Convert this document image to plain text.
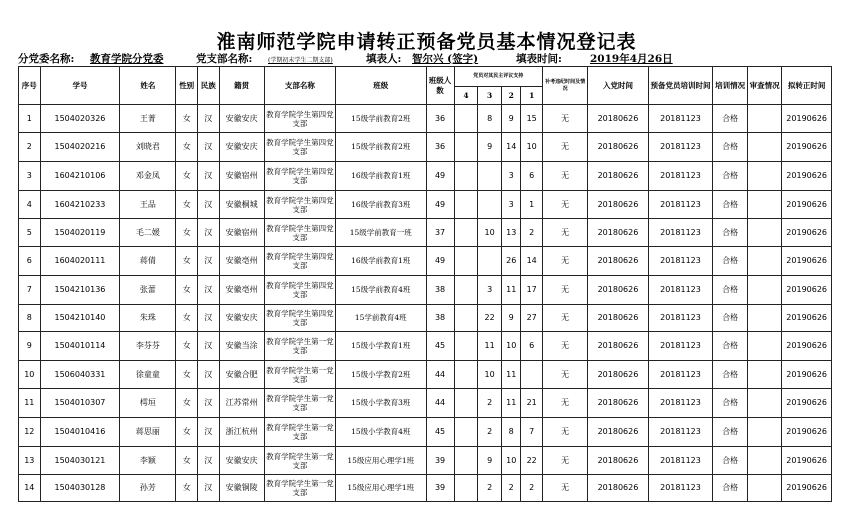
淮南师范学院申请转正预备党员基本情况登记表
分党委名称: 教育学院分党委	党支部名称:	(学期初末学生二期支部)	填表人: 智尔兴 (签字)	填表时间:	2019年4月26日
序号	学号	姓名	性别	民族	籍贯	支部名称	班级	班级人数	党员对其民主评议支持				补考违纪时间及情况	入党时间	预备党员培训时间	培训情况	审查情况	拟转正时间
									4	3	2	1						
1	1504020326	王菁	女	汉	安徽安庆	教育学院学生第四党支部	15级学前教育2班	36		8	9	15	无	20180626	20181123	合格		20190626
2	1504020216	刘晓君	女	汉	安徽安庆	教育学院学生第四党支部	15级学前教育2班	36		9	14	10	无	20180626	20181123	合格		20190626
3	1604210106	邓金凤	女	汉	安徽宿州	教育学院学生第四党支部	16级学前教育1班	49			3	6	无	20180626	20181123	合格		20190626
4	1604210233	王品	女	汉	安徽桐城	教育学院学生第四党支部	16级学前教育3班	49			3	1	无	20180626	20181123	合格		20190626
5	1504020119	毛二媛	女	汉	安徽宿州	教育学院学生第四党支部	15级学前教育一班	37		10	13	2	无	20180626	20181123	合格		20190626
6	1604020111	蒋倩	女	汉	安徽亳州	教育学院学生第四党支部	16级学前教育1班	49			26	14	无	20180626	20181123	合格		20190626
7	1504210136	张蕾	女	汉	安徽亳州	教育学院学生第四党支部	15级学前教育4班	38		3	11	17	无	20180626	20181123	合格		20190626
8	1504210140	朱珠	女	汉	安徽安庆	教育学院学生第四党支部	15学前教育4班	38		22	9	27	无	20180626	20181123	合格		20190626
9	1504010114	李芬芬	女	汉	安徽当涂	教育学院学生第一党支部	15级小学教育1班	45		11	10	6	无	20180626	20181123	合格		20190626
10	1506040331	徐童童	女	汉	安徽合肥	教育学院学生第一党支部	15级小学教育2班	44		10	11		无	20180626	20181123	合格		20190626
11	1504010307	樗垣	女	汉	江苏常州	教育学院学生第一党支部	15级小学教育3班	44		2	11	21	无	20180626	20181123	合格		20190626
12	1504010416	蒋思丽	女	汉	浙江杭州	教育学院学生第一党支部	15级小学教育4班	45		2	8	7	无	20180626	20181123	合格		20190626
13	1504030121	李颖	女	汉	安徽安庆	教育学院学生第一党支部	15级应用心理学1班	39		9	10	22	无	20180626	20181123	合格		20190626
14	1504030128	孙芳	女	汉	安徽铜陵	教育学院学生第一党支部	15级应用心理学1班	39		2	2	2	无	20180626	20181123	合格		20190626
